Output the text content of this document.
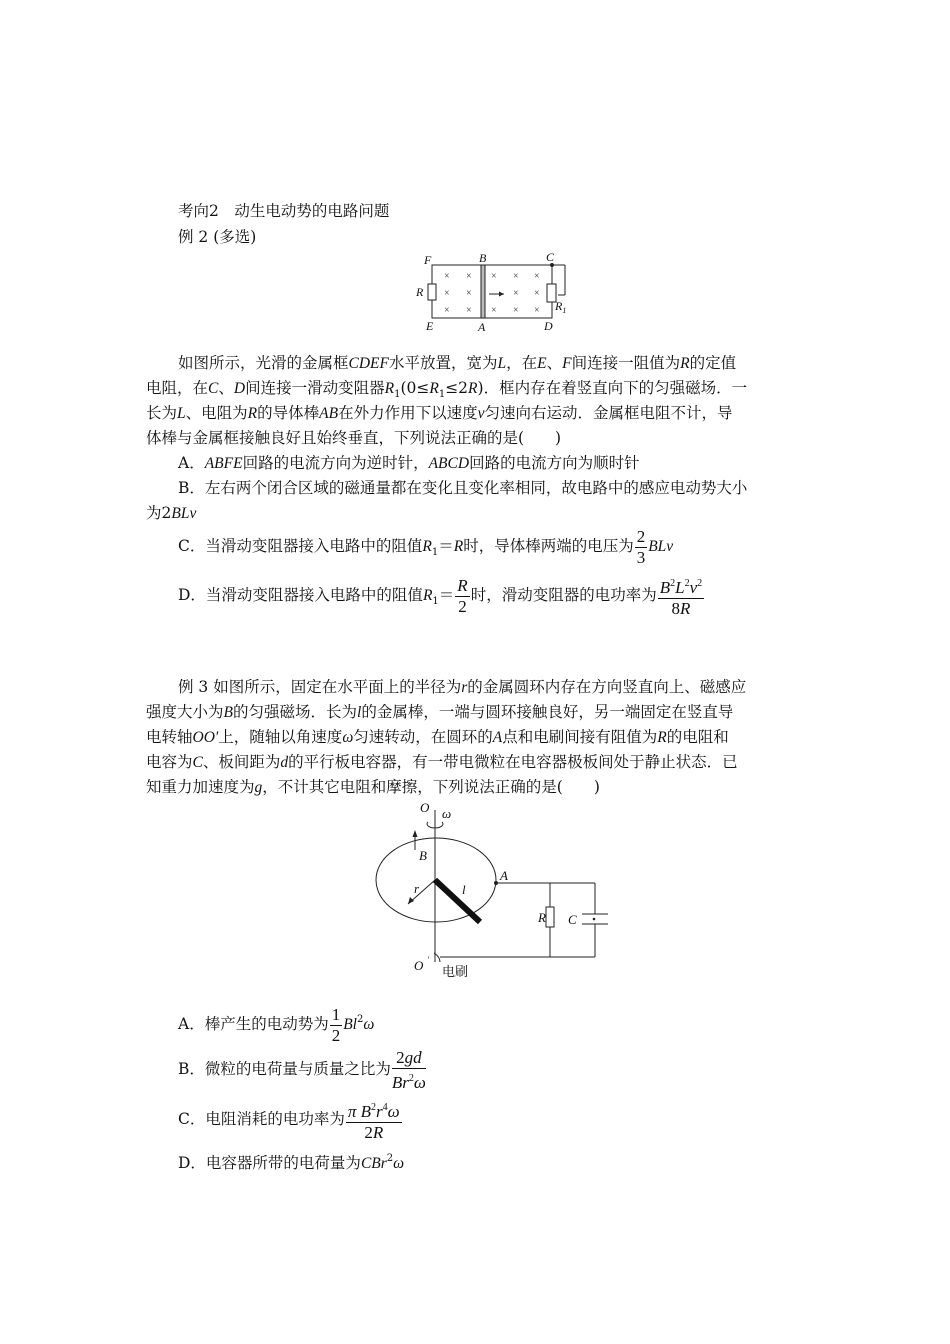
考向2　动生电动势的电路问题
例 2 (多选)
× ×
× ×
× ×
× × ×
× ×
× × ×
F	B	C
R
$R_1$
E	A	D
如图所示，光滑的金属框CDEF水平放置，宽为L，在E、F间连接一阻值为R的定值
电阻，在C、D间连接一滑动变阻器$R_1(0\le R_1\le 2R)$．框内存在着竖直向下的匀强磁场．一
长为L、电阻为R的导体棒AB在外力作用下以速度v匀速向右运动．金属框电阻不计，导
体棒与金属框接触良好且始终垂直，下列说法正确的是(　　)
A．ABFE回路的电流方向为逆时针，ABCD回路的电流方向为顺时针
B．左右两个闭合区域的磁通量都在变化且变化率相同，故电路中的感应电动势大小
为2BLv
C．当滑动变阻器接入电路中的阻值$R_1=R$时，导体棒两端的电压为 $\frac{2}{3}$ BLv
D．当滑动变阻器接入电路中的阻值$R_1= \frac{R}{2}$ 时，滑动变阻器的电功率为 $\frac{B^2L^2v^2}{8R}$
例 3 如图所示，固定在水平面上的半径为r的金属圆环内存在方向竖直向上、磁感应
强度大小为B的匀强磁场．长为l的金属棒，一端与圆环接触良好，另一端固定在竖直导
电转轴OO′上，随轴以角速度ω匀速转动，在圆环的A点和电刷间接有阻值为R的电阻和
电容为C、板间距为d的平行板电容器，有一带电微粒在电容器极板间处于静止状态．已
知重力加速度为g，不计其它电阻和摩擦，下列说法正确的是(　　)
O ω
B
r	l
A
R C
O ′
电刷
A．棒产生的电动势为 $\frac{1}{2} Bl^2\omega$
B．微粒的电荷量与质量之比为 $\frac{2gd}{Br^2\omega}$
C．电阻消耗的电功率为 $\frac{\pi B^2r^4\omega}{2R}$
D．电容器所带的电荷量为CBr$^2$ω
